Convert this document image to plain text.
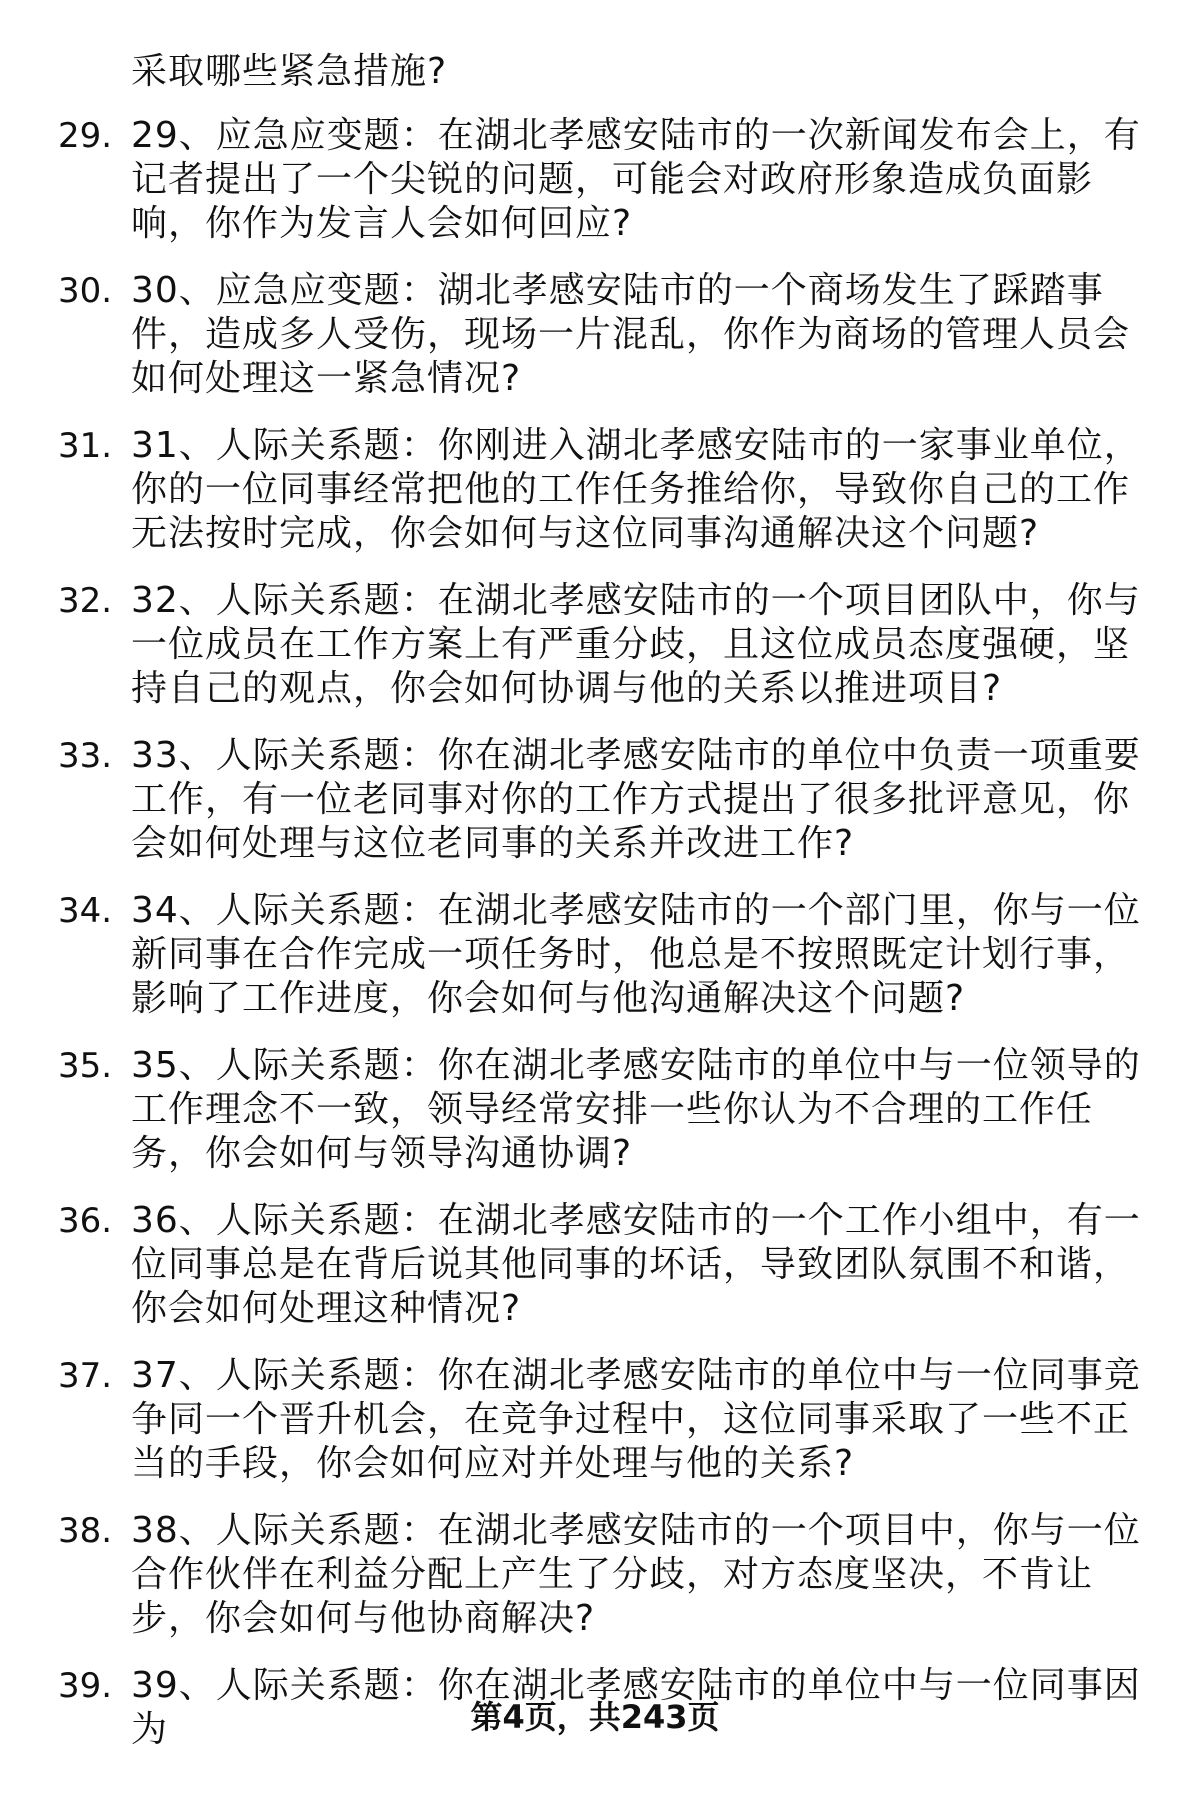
采取哪些紧急措施?
29. 29、应急应变题：在湖北孝感安陆市的一次新闻发布会上，有记者提出了一个尖锐的问题，可能会对政府形象造成负面影响，你作为发言人会如何回应?
30. 30、应急应变题：湖北孝感安陆市的一个商场发生了踩踏事件，造成多人受伤，现场一片混乱，你作为商场的管理人员会如何处理这一紧急情况?
31. 31、人际关系题：你刚进入湖北孝感安陆市的一家事业单位，你的一位同事经常把他的工作任务推给你，导致你自己的工作无法按时完成，你会如何与这位同事沟通解决这个问题?
32. 32、人际关系题：在湖北孝感安陆市的一个项目团队中，你与一位成员在工作方案上有严重分歧，且这位成员态度强硬，坚持自己的观点，你会如何协调与他的关系以推进项目?
33. 33、人际关系题：你在湖北孝感安陆市的单位中负责一项重要工作，有一位老同事对你的工作方式提出了很多批评意见，你会如何处理与这位老同事的关系并改进工作?
34. 34、人际关系题：在湖北孝感安陆市的一个部门里，你与一位新同事在合作完成一项任务时，他总是不按照既定计划行事，影响了工作进度，你会如何与他沟通解决这个问题?
35. 35、人际关系题：你在湖北孝感安陆市的单位中与一位领导的工作理念不一致，领导经常安排一些你认为不合理的工作任务，你会如何与领导沟通协调?
36. 36、人际关系题：在湖北孝感安陆市的一个工作小组中，有一位同事总是在背后说其他同事的坏话，导致团队氛围不和谐，你会如何处理这种情况?
37. 37、人际关系题：你在湖北孝感安陆市的单位中与一位同事竞争同一个晋升机会，在竞争过程中，这位同事采取了一些不正当的手段，你会如何应对并处理与他的关系?
38. 38、人际关系题：在湖北孝感安陆市的一个项目中，你与一位合作伙伴在利益分配上产生了分歧，对方态度坚决，不肯让步，你会如何与他协商解决?
39. 39、人际关系题：你在湖北孝感安陆市的单位中与一位同事因为	第4页，共243页
